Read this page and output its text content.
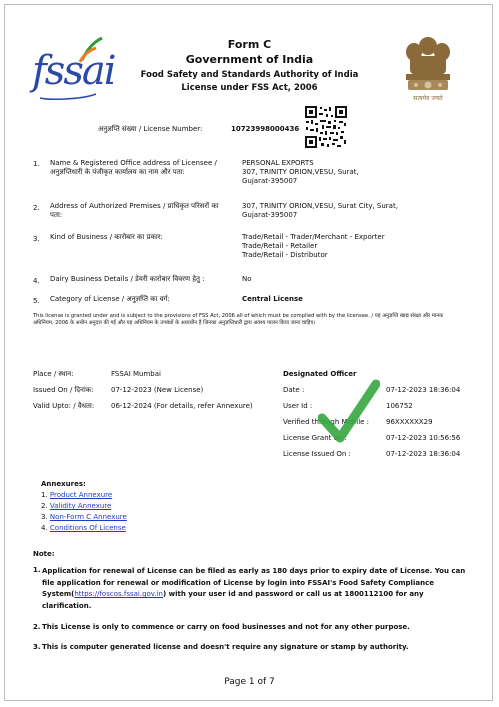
fssai
Form C
Government of India
Food Safety and Standards Authority of India
License under FSS Act, 2006
सत्यमेव जयते
अनुज्ञप्ति संख्या / License Number:	10723998000436
1. Name & Registered Office address of Licensee / अनुज्ञप्तिधारी के पंजीकृत कार्यालय का नाम और पता:
PERSONAL EXPORTS
307, TRINITY ORION,VESU, Surat,
Gujarat-395007
2. Address of Authorized Premises / प्राधिकृत परिसरों का पता:
307, TRINITY ORION,VESU, Surat City, Surat,
Gujarat-395007
3. Kind of Business / कारोबार का प्रकार:	Trade/Retail - Trader/Merchant - Exporter
Trade/Retail - Retailer
Trade/Retail - Distributor
4. Dairy Business Details / डेयरी कारोबार विवरण हेतु :	No
5. Category of License / अनुज्ञप्ति का वर्ग:	Central License
This license is granted under and is subject to the provisions of FSS Act, 2006 all of which must be complied with by the licensee. / यह अनुज्ञप्ति खाद्य संरक्षा और मानक अधिनियम, 2006 के अधीन अनुदत्त की गई और यह अधिनियम के उपबंधों के अध्यधीन है जिनका अनुज्ञप्तिधारी द्वारा अवश्य पालन किया जाना चाहिए।
Place / स्थान:	FSSAI Mumbai
Issued On / दिनांक:	07-12-2023 (New License)
Valid Upto: / वैधता: 06-12-2024 (For details, refer Annexure)
Designated Officer
Date :	07-12-2023 18:36:04
User Id :	106752
Verified through Mobile : 96XXXXXX29
License Grant on :	07-12-2023 10:56:56
License Issued On :	07-12-2023 18:36:04
Annexures:
1. Product Annexure
2. Validity Annexure
3. Non-Form C Annexure
4. Conditions Of License
Note:
1. Application for renewal of License can be filed as early as 180 days prior to expiry date of License. You can file application for renewal or modification of License by login into FSSAI's Food Safety Compliance System(https://foscos.fssai.gov.in) with your user id and password or call us at 1800112100 for any clarification.
2. This License is only to commence or carry on food businesses and not for any other purpose.
3. This is computer generated license and doesn't require any signature or stamp by authority.
Page 1 of 7
